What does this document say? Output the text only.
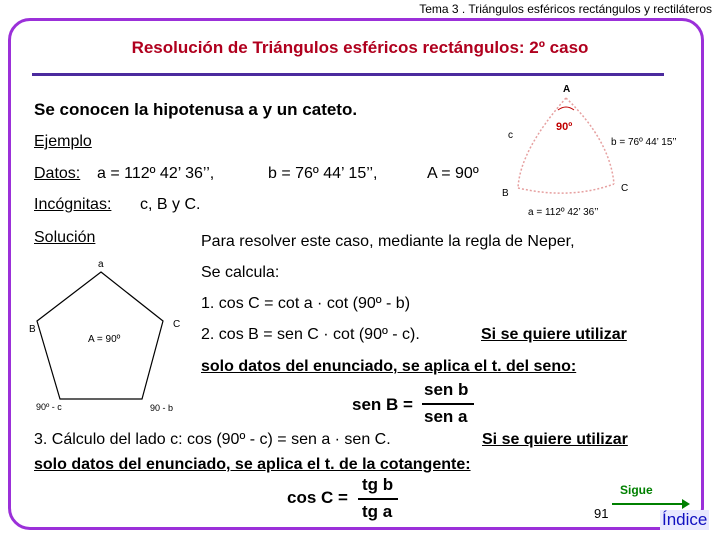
Tema 3 . Triángulos esféricos rectángulos y rectiláteros
Resolución de Triángulos esféricos rectángulos: 2º caso
Se conocen la hipotenusa a y un cateto.
Ejemplo
Datos: a = 112º 42’ 36’’,	b = 76º 44’ 15’’,	A = 90º
Incógnitas: c, B y C.
Solución	Para resolver este caso, mediante la regla de Neper,
Se calcula:
1. cos C = cot a · cot (90º - b)
2. cos B = sen C · cot (90º - c).	Si se quiere utilizar
solo datos del enunciado, se aplica el t. del seno:
sen B =
sen b
sen a
3. Cálculo del lado c: cos (90º - c) = sen a · sen C.	Si se quiere utilizar
solo datos del enunciado, se aplica el t. de la cotangente:
cos C =
tg b
tg a
A
c
90º
b = 76º 44’ 15’’
B	C
a = 112º 42’ 36’’
a
B	C
A = 90º
90º - c	90 - b
91
Sigue
Índice
